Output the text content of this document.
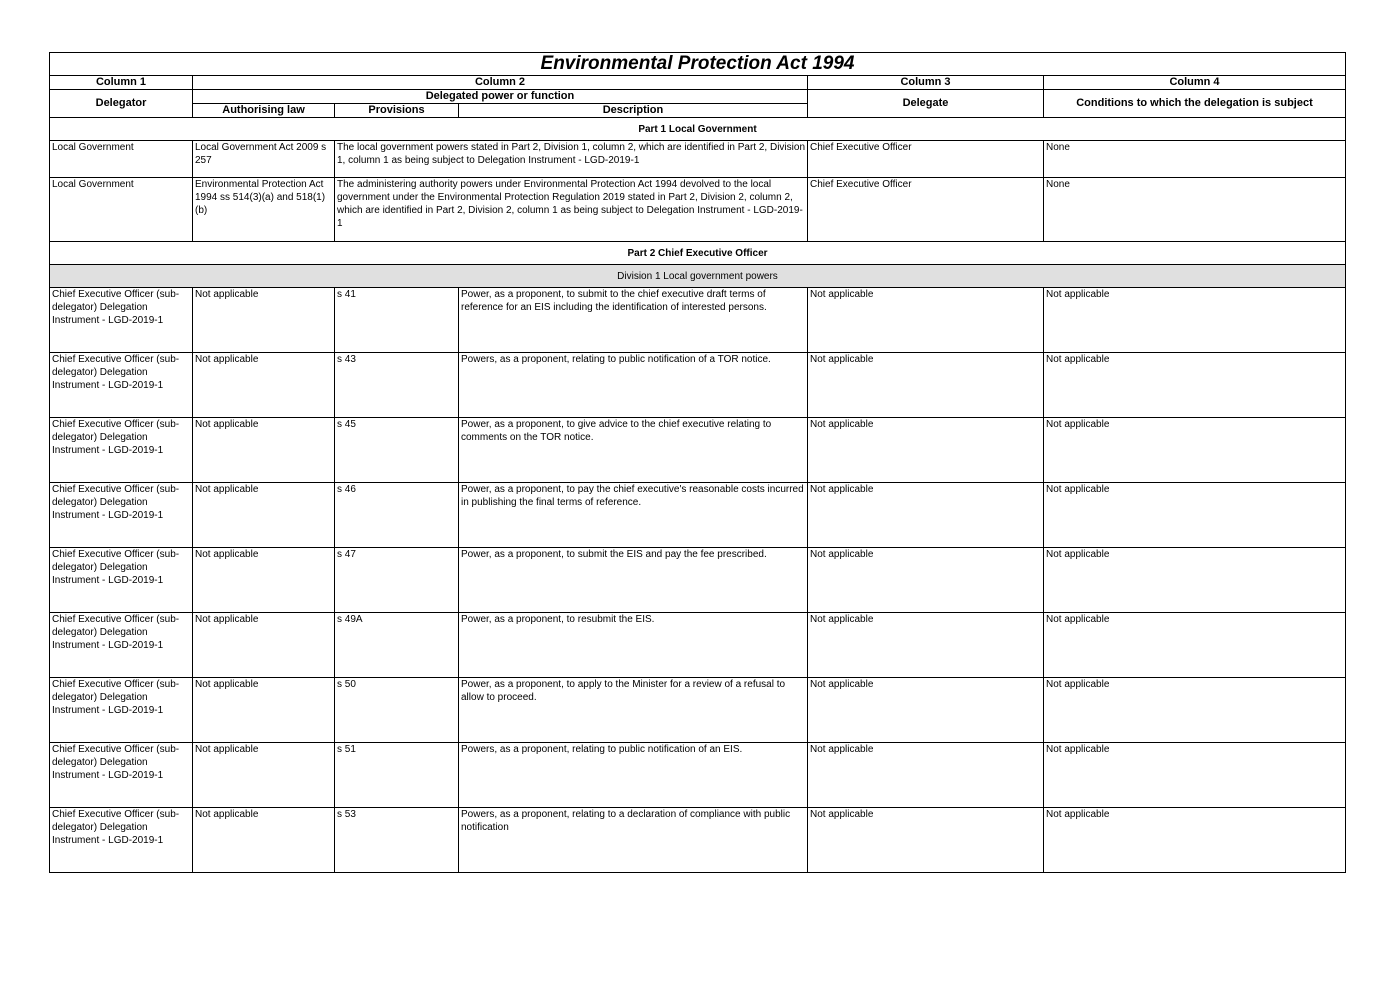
Environmental Protection Act 1994					
Column 1	Column 2			Column 3	Column 4
Delegator	Delegated power or function			Delegate	Conditions to which the delegation is subject
	Authorising law	Provisions	Description		
Part 1 Local Government					
Local Government	Local Government Act 2009 s 257	The local government powers stated in Part 2, Division 1, column 2, which are identified in Part 2, Division 1, column 1 as being subject to Delegation Instrument - LGD-2019-1		Chief Executive Officer	None
Local Government	Environmental Protection Act 1994 ss 514(3)(a) and 518(1)(b)	The administering authority powers under Environmental Protection Act 1994 devolved to the local government under the Environmental Protection Regulation 2019 stated in Part 2, Division 2, column 2, which are identified in Part 2, Division 2, column 1 as being subject to Delegation Instrument - LGD-2019-1		Chief Executive Officer	None
Part 2 Chief Executive Officer					
Division 1 Local government powers					
Chief Executive Officer (sub-delegator) Delegation Instrument - LGD-2019-1	Not applicable	s 41	Power, as a proponent, to submit to the chief executive draft terms of reference for an EIS including the identification of interested persons.	Not applicable	Not applicable
Chief Executive Officer (sub-delegator) Delegation Instrument - LGD-2019-1	Not applicable	s 43	Powers, as a proponent, relating to public notification of a TOR notice.	Not applicable	Not applicable
Chief Executive Officer (sub-delegator) Delegation Instrument - LGD-2019-1	Not applicable	s 45	Power, as a proponent, to give advice to the chief executive relating to comments on the TOR notice.	Not applicable	Not applicable
Chief Executive Officer (sub-delegator) Delegation Instrument - LGD-2019-1	Not applicable	s 46	Power, as a proponent, to pay the chief executive's reasonable costs incurred in publishing the final terms of reference.	Not applicable	Not applicable
Chief Executive Officer (sub-delegator) Delegation Instrument - LGD-2019-1	Not applicable	s 47	Power, as a proponent, to submit the EIS and pay the fee prescribed.	Not applicable	Not applicable
Chief Executive Officer (sub-delegator) Delegation Instrument - LGD-2019-1	Not applicable	s 49A	Power, as a proponent, to resubmit the EIS.	Not applicable	Not applicable
Chief Executive Officer (sub-delegator) Delegation Instrument - LGD-2019-1	Not applicable	s 50	Power, as a proponent, to apply to the Minister for a review of a refusal to allow to proceed.	Not applicable	Not applicable
Chief Executive Officer (sub-delegator) Delegation Instrument - LGD-2019-1	Not applicable	s 51	Powers, as a proponent, relating to public notification of an EIS.	Not applicable	Not applicable
Chief Executive Officer (sub-delegator) Delegation Instrument - LGD-2019-1	Not applicable	s 53	Powers, as a proponent, relating to a declaration of compliance with public notification	Not applicable	Not applicable
